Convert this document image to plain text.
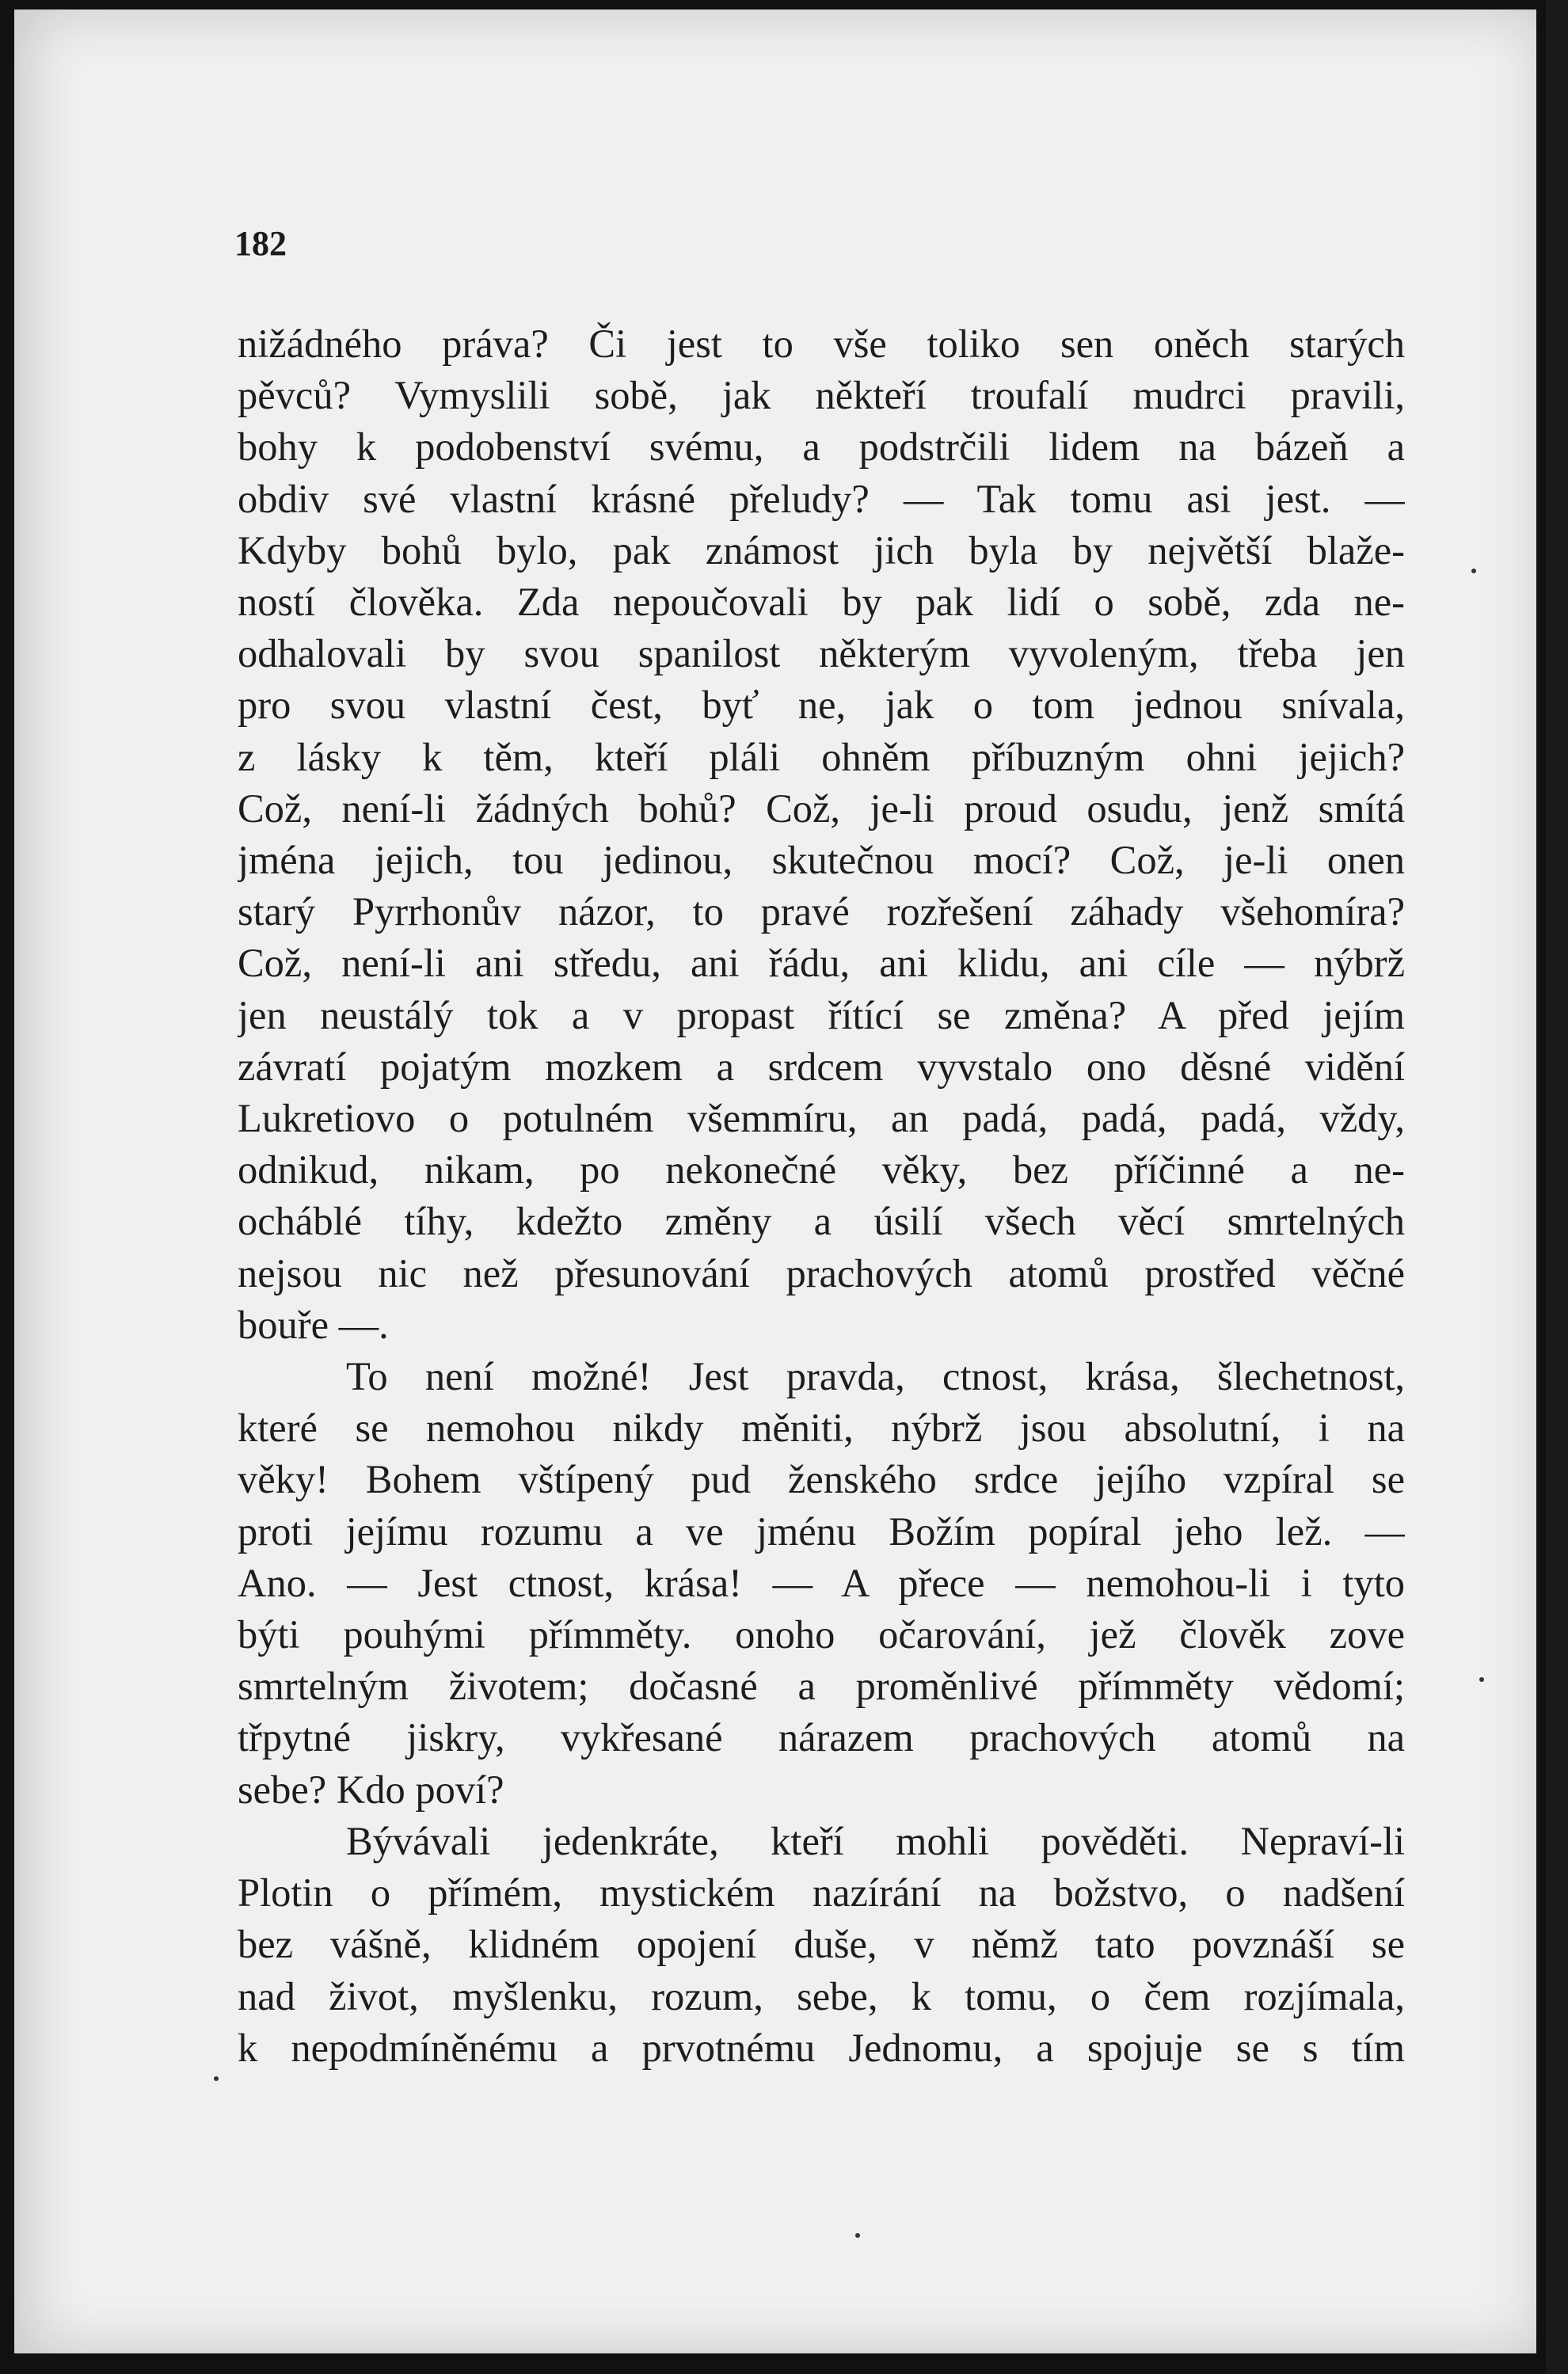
182

nižádného práva? Či jest to vše toliko sen oněch starých
pěvců? Vymyslili sobě, jak někteří troufalí mudrci pravili,
bohy k podobenství svému, a podstrčili lidem na bázeň a
obdiv své vlastní krásné přeludy? — Tak tomu asi jest. —
Kdyby bohů bylo, pak známost jich byla by největší blaže-
ností člověka. Zda nepoučovali by pak lidí o sobě, zda ne-
odhalovali by svou spanilost některým vyvoleným, třeba jen
pro svou vlastní čest, byť ne, jak o tom jednou snívala,
z lásky k těm, kteří pláli ohněm příbuzným ohni jejich?
Což, není-li žádných bohů? Což, je-li proud osudu, jenž smítá
jména jejich, tou jedinou, skutečnou mocí? Což, je-li onen
starý Pyrrhonův názor, to pravé rozřešení záhady všehomíra?
Což, není-li ani středu, ani řádu, ani klidu, ani cíle — nýbrž
jen neustálý tok a v propast řítící se změna? A před jejím
závratí pojatým mozkem a srdcem vyvstalo ono děsné vidění
Lukretiovo o potulném všemmíru, an padá, padá, padá, vždy,
odnikud, nikam, po nekonečné věky, bez příčinné a ne-
ocháblé tíhy, kdežto změny a úsilí všech věcí smrtelných
nejsou nic než přesunování prachových atomů prostřed věčné
bouře —.

To není možné! Jest pravda, ctnost, krása, šlechetnost,
které se nemohou nikdy měniti, nýbrž jsou absolutní, i na
věky! Bohem vštípený pud ženského srdce jejího vzpíral se
proti jejímu rozumu a ve jménu Božím popíral jeho lež. —
Ano. — Jest ctnost, krása! — A přece — nemohou-li i tyto
býti pouhými přímměty. onoho očarování, jež člověk zove
smrtelným životem; dočasné a proměnlivé přímměty vědomí;
třpytné jiskry, vykřesané nárazem prachových atomů na
sebe? Kdo poví?

Bývávali jedenkráte, kteří mohli pověděti. Nepraví-li
Plotin o přímém, mystickém nazírání na božstvo, o nadšení
bez vášně, klidném opojení duše, v němž tato povznáší se
nad život, myšlenku, rozum, sebe, k tomu, o čem rozjímala,
k nepodmíněnému a prvotnému Jednomu, a spojuje se s tím
